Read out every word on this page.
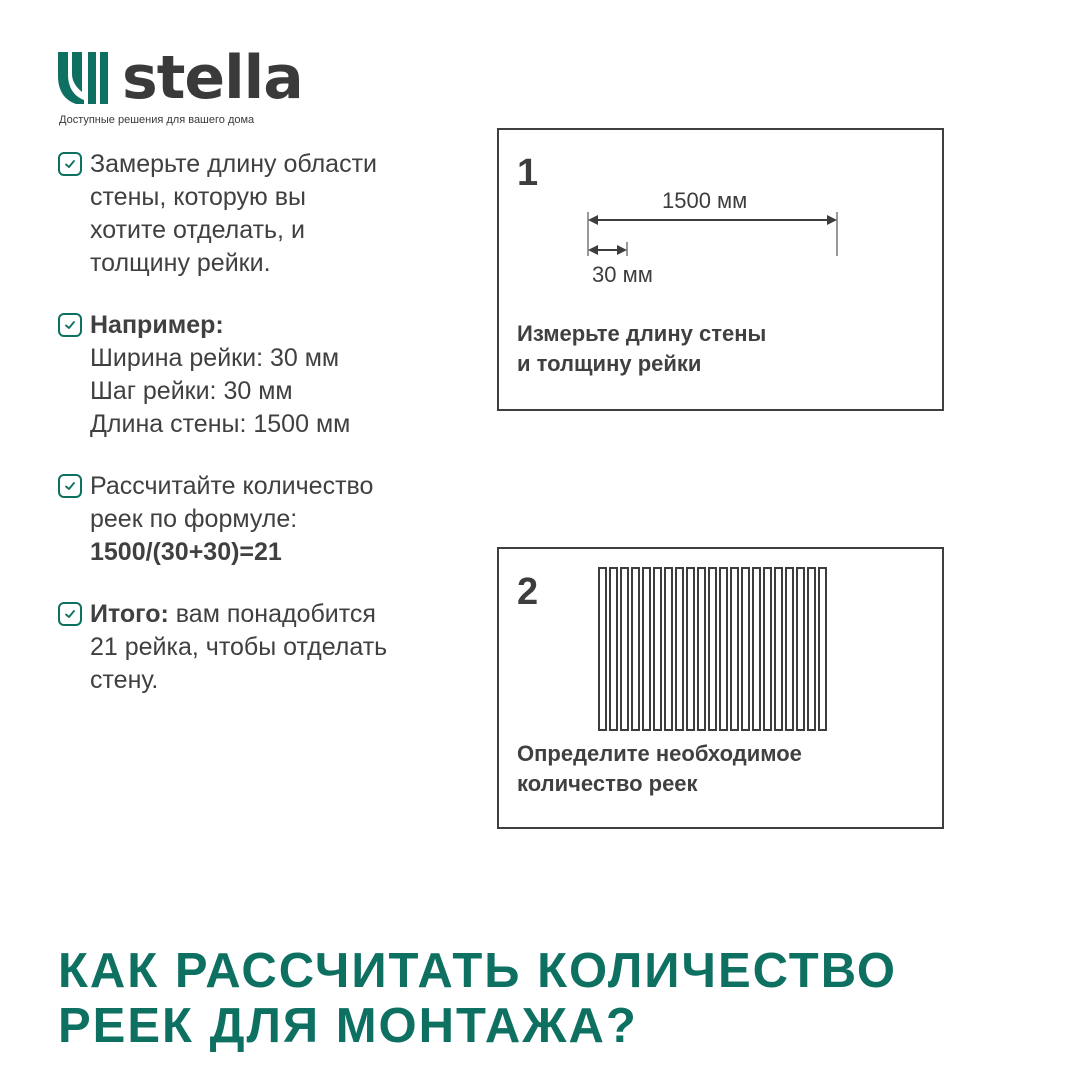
stella
Доступные решения для вашего дома
Замерьте длину области
стены, которую вы
хотите отделать, и
толщину рейки.
Например:
Ширина рейки: 30 мм
Шаг рейки: 30 мм
Длина стены: 1500 мм
Рассчитайте количество
реек по формуле:
1500/(30+30)=21
Итого: вам понадобится
21 рейка, чтобы отделать
стену.
1
1500 мм
30 мм
Измерьте длину стены
и толщину рейки
2
Определите необходимое
количество реек
КАК РАССЧИТАТЬ КОЛИЧЕСТВО
РЕЕК ДЛЯ МОНТАЖА?
